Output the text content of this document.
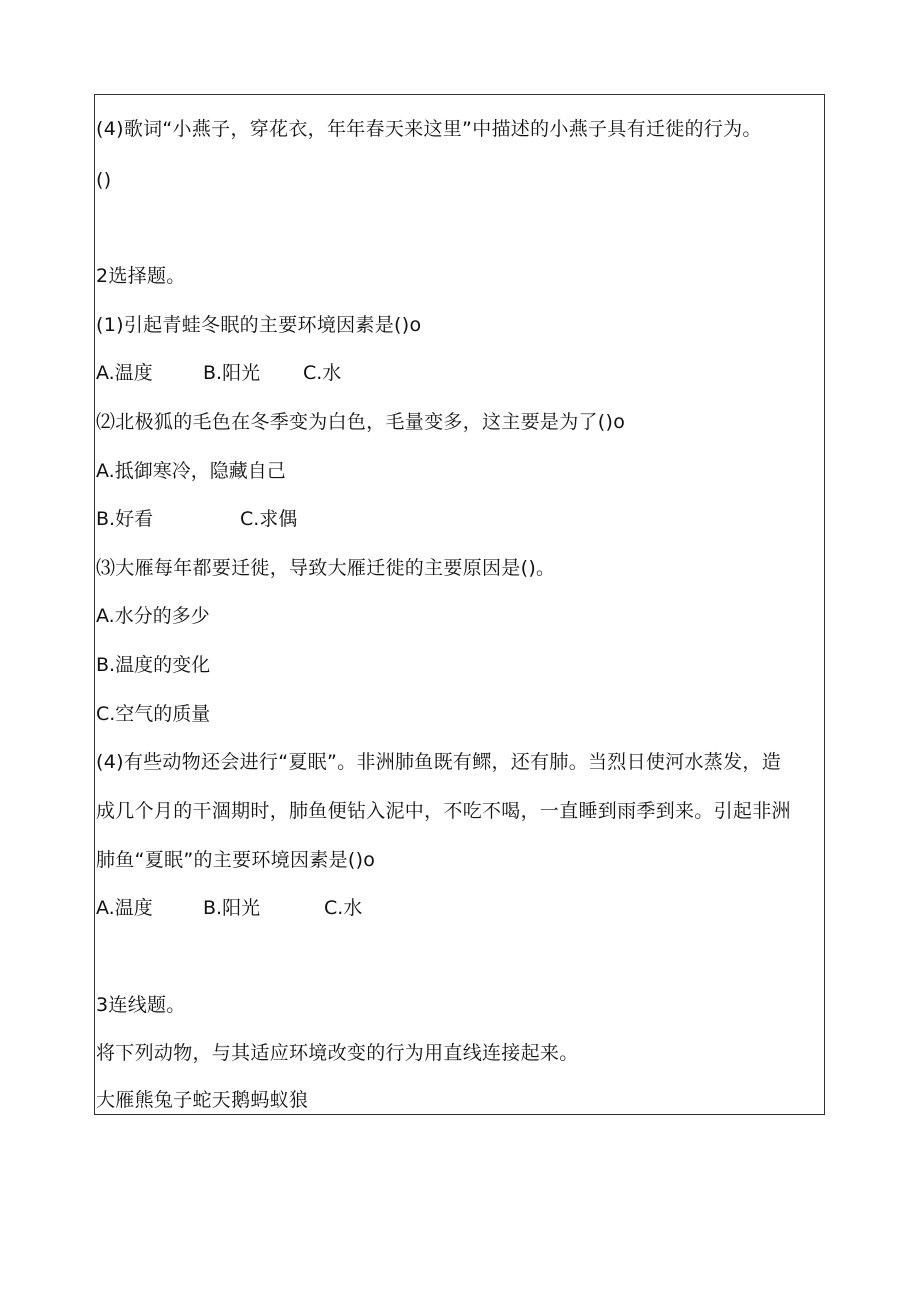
(4)歌词“小燕子，穿花衣，年年春天来这里”中描述的小燕子具有迁徙的行为。
()
2选择题。
(1)引起青蛙冬眠的主要环境因素是()o
A.温度	B.阳光 C.水
⑵北极狐的毛色在冬季变为白色，毛量变多，这主要是为了()o
A.抵御寒冷，隐藏自己
B.好看	C.求偶
⑶大雁每年都要迁徙，导致大雁迁徙的主要原因是()。
A.水分的多少
B.温度的变化
C.空气的质量
(4)有些动物还会进行“夏眠”。非洲肺鱼既有鳏，还有肺。当烈日使河水蒸发，造
成几个月的干涸期时，肺鱼便钻入泥中，不吃不喝，一直睡到雨季到来。引起非洲
肺鱼“夏眠”的主要环境因素是()o
A.温度	B.阳光	C.水
3连线题。
将下列动物，与其适应环境改变的行为用直线连接起来。
大雁熊兔子蛇天鹅蚂蚁狼
